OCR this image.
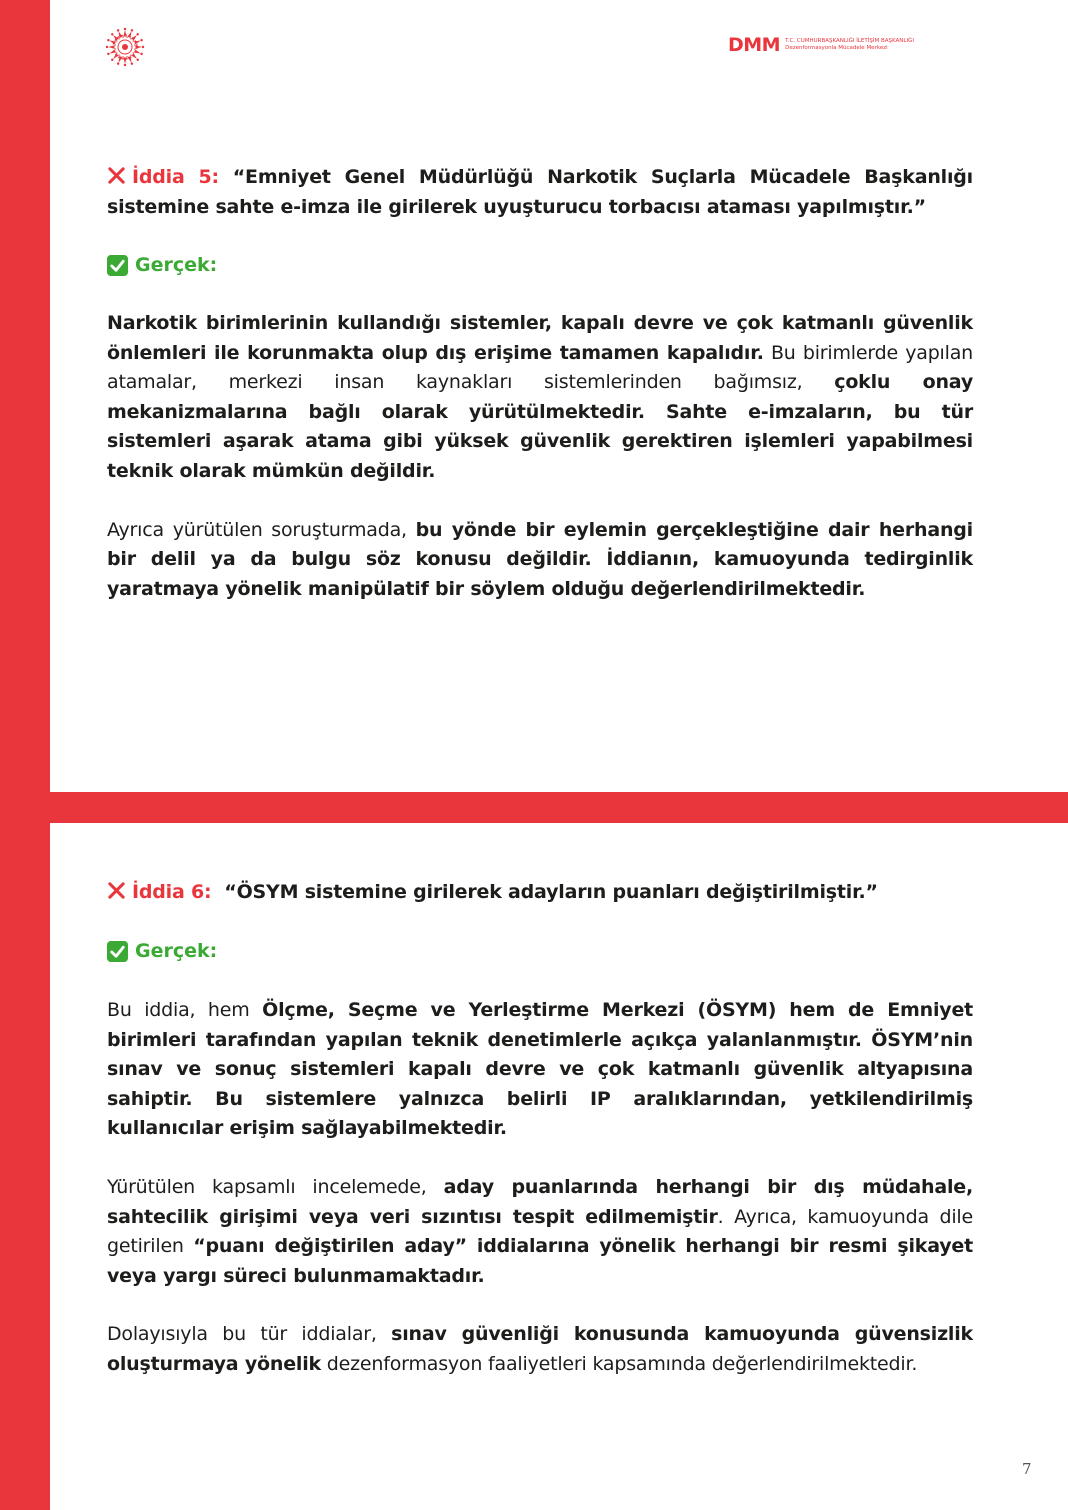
DMM T.C. CUMHURBAŞKANLIĞI İLETİŞİM BAŞKANLIĞI
Dezenformasyonla Mücadele Merkezi

İddia 5: “Emniyet Genel Müdürlüğü Narkotik Suçlarla Mücadele Başkanlığı sistemine sahte e-imza ile girilerek uyuşturucu torbacısı ataması yapılmıştır.”

Gerçek:

Narkotik birimlerinin kullandığı sistemler, kapalı devre ve çok katmanlı güvenlik önlemleri ile korunmakta olup dış erişime tamamen kapalıdır. Bu birimlerde yapılan atamalar, merkezi insan kaynakları sistemlerinden bağımsız, çoklu onay mekanizmalarına bağlı olarak yürütülmektedir. Sahte e-imzaların, bu tür sistemleri aşarak atama gibi yüksek güvenlik gerektiren işlemleri yapabilmesi teknik olarak mümkün değildir.

Ayrıca yürütülen soruşturmada, bu yönde bir eylemin gerçekleştiğine dair herhangi bir delil ya da bulgu söz konusu değildir. İddianın, kamuoyunda tedirginlik yaratmaya yönelik manipülatif bir söylem olduğu değerlendirilmektedir.

İddia 6: “ÖSYM sistemine girilerek adayların puanları değiştirilmiştir.”

Gerçek:

Bu iddia, hem Ölçme, Seçme ve Yerleştirme Merkezi (ÖSYM) hem de Emniyet birimleri tarafından yapılan teknik denetimlerle açıkça yalanlanmıştır. ÖSYM’nin sınav ve sonuç sistemleri kapalı devre ve çok katmanlı güvenlik altyapısına sahiptir. Bu sistemlere yalnızca belirli IP aralıklarından, yetkilendirilmiş kullanıcılar erişim sağlayabilmektedir.

Yürütülen kapsamlı incelemede, aday puanlarında herhangi bir dış müdahale, sahtecilik girişimi veya veri sızıntısı tespit edilmemiştir. Ayrıca, kamuoyunda dile getirilen “puanı değiştirilen aday” iddialarına yönelik herhangi bir resmi şikayet veya yargı süreci bulunmamaktadır.

Dolayısıyla bu tür iddialar, sınav güvenliği konusunda kamuoyunda güvensizlik oluşturmaya yönelik dezenformasyon faaliyetleri kapsamında değerlendirilmektedir.

7
